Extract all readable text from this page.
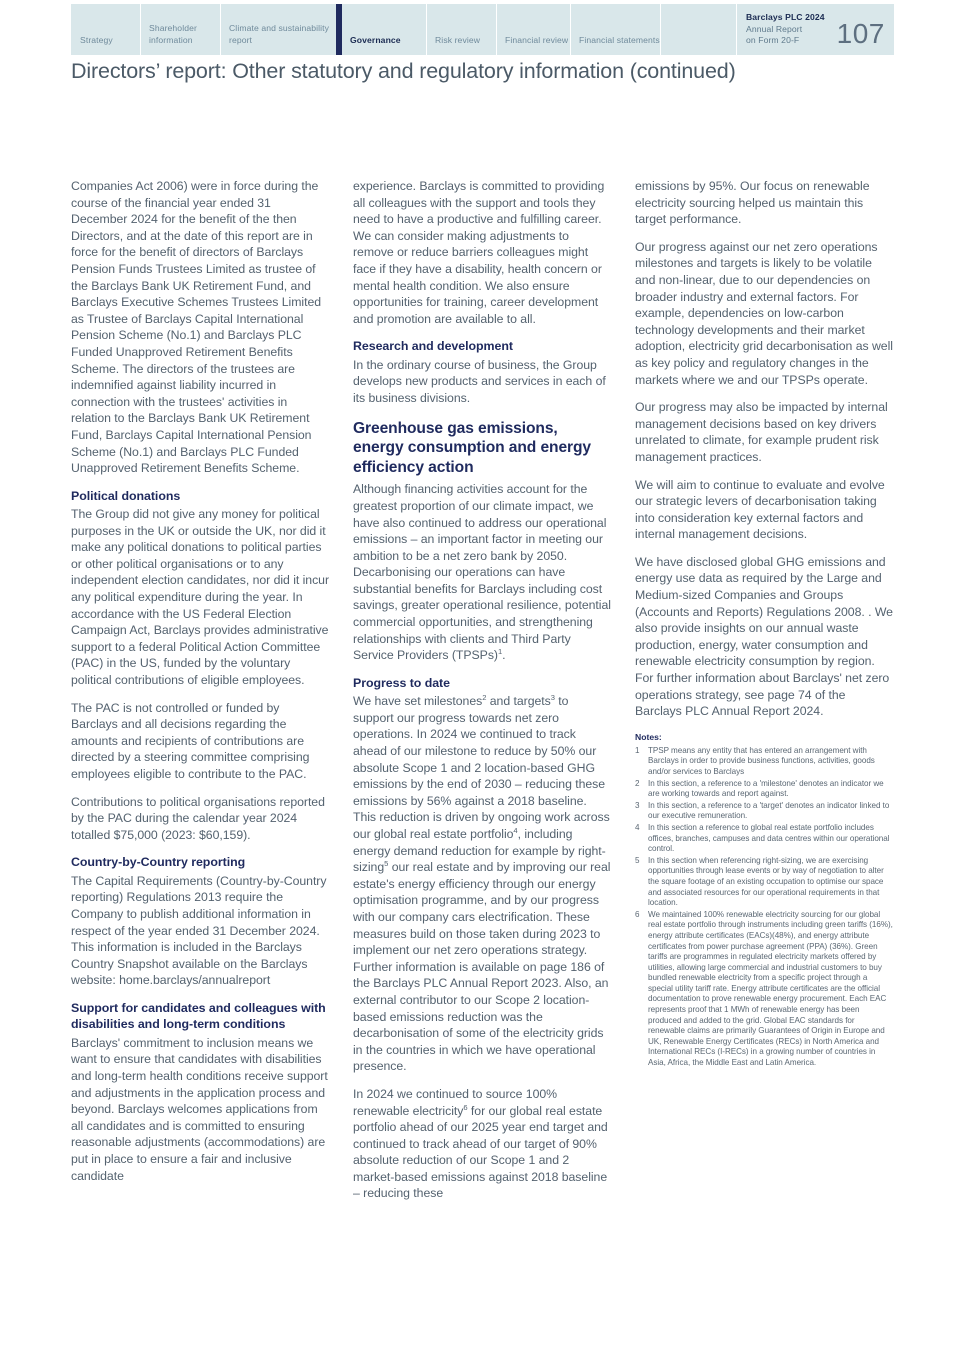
Strategy
Shareholder information
Climate and sustainability report	Governance	Risk review	Financial review Financial statements
Barclays PLC 2024
Annual Report
on Form 20-F	107
Directors’ report: Other statutory and regulatory information (continued)

Companies Act 2006) were in force during the course of the financial year ended 31 December 2024 for the benefit of the then Directors, and at the date of this report are in force for the benefit of directors of Barclays Pension Funds Trustees Limited as trustee of the Barclays Bank UK Retirement Fund, and Barclays Executive Schemes Trustees Limited as Trustee of Barclays Capital International Pension Scheme (No.1) and Barclays PLC Funded Unapproved Retirement Benefits Scheme. The directors of the trustees are indemnified against liability incurred in connection with the trustees' activities in relation to the Barclays Bank UK Retirement Fund, Barclays Capital International Pension Scheme (No.1) and Barclays PLC Funded Unapproved Retirement Benefits Scheme.

Political donations

The Group did not give any money for political purposes in the UK or outside the UK, nor did it make any political donations to political parties or other political organisations or to any independent election candidates, nor did it incur any political expenditure during the year. In accordance with the US Federal Election Campaign Act, Barclays provides administrative support to a federal Political Action Committee (PAC) in the US, funded by the voluntary political contributions of eligible employees.

The PAC is not controlled or funded by Barclays and all decisions regarding the amounts and recipients of contributions are directed by a steering committee comprising employees eligible to contribute to the PAC.

Contributions to political organisations reported by the PAC during the calendar year 2024 totalled $75,000 (2023: $60,159).

Country-by-Country reporting

The Capital Requirements (Country-by-Country reporting) Regulations 2013 require the Company to publish additional information in respect of the year ended 31 December 2024. This information is included in the Barclays Country Snapshot available on the Barclays website: home.barclays/annualreport

Support for candidates and colleagues with disabilities and long-term conditions

Barclays' commitment to inclusion means we want to ensure that candidates with disabilities and long-term health conditions receive support and adjustments in the application process and beyond. Barclays welcomes applications from all candidates and is committed to ensuring reasonable adjustments (accommodations) are put in place to ensure a fair and inclusive candidate

experience. Barclays is committed to providing all colleagues with the support and tools they need to have a productive and fulfilling career. We can consider making adjustments to remove or reduce barriers colleagues might face if they have a disability, health concern or mental health condition. We also ensure opportunities for training, career development and promotion are available to all.

Research and development

In the ordinary course of business, the Group develops new products and services in each of its business divisions.

Greenhouse gas emissions, energy consumption and energy efficiency action

Although financing activities account for the greatest proportion of our climate impact, we have also continued to address our operational emissions – an important factor in meeting our ambition to be a net zero bank by 2050. Decarbonising our operations can have substantial benefits for Barclays including cost savings, greater operational resilience, potential commercial opportunities, and strengthening relationships with clients and Third Party Service Providers (TPSPs)$^1$.

Progress to date

We have set milestones$^2$ and targets$^3$ to support our progress towards net zero operations. In 2024 we continued to track ahead of our milestone to reduce by 50% our absolute Scope 1 and 2 location-based GHG emissions by the end of 2030 – reducing these emissions by 56% against a 2018 baseline. This reduction is driven by ongoing work across our global real estate portfolio$^4$, including energy demand reduction for example by right-sizing$^5$ our real estate and by improving our real estate's energy efficiency through our energy optimisation programme, and by our progress with our company cars electrification. These measures build on those taken during 2023 to implement our net zero operations strategy. Further information is available on page 186 of the Barclays PLC Annual Report 2023. Also, an external contributor to our Scope 2 location-based emissions reduction was the decarbonisation of some of the electricity grids in the countries in which we have operational presence.

In 2024 we continued to source 100% renewable electricity$^6$ for our global real estate portfolio ahead of our 2025 year end target and continued to track ahead of our target of 90% absolute reduction of our Scope 1 and 2 market-based emissions against 2018 baseline – reducing these

emissions by 95%. Our focus on renewable electricity sourcing helped us maintain this target performance.

Our progress against our net zero operations milestones and targets is likely to be volatile and non-linear, due to our dependencies on broader industry and external factors. For example, dependencies on low-carbon technology developments and their market adoption, electricity grid decarbonisation as well as key policy and regulatory changes in the markets where we and our TPSPs operate.

Our progress may also be impacted by internal management decisions based on key drivers unrelated to climate, for example prudent risk management practices.

We will aim to continue to evaluate and evolve our strategic levers of decarbonisation taking into consideration key external factors and internal management decisions.

We have disclosed global GHG emissions and energy use data as required by the Large and Medium-sized Companies and Groups (Accounts and Reports) Regulations 2008. . We also provide insights on our annual waste production, energy, water consumption and renewable electricity consumption by region. For further information about Barclays' net zero operations strategy, see page 74 of the Barclays PLC Annual Report 2024.

Notes:
1	TPSP means any entity that has entered an arrangement with Barclays in order to provide business functions, activities, goods and/or services to Barclays
2	In this section, a reference to a 'milestone' denotes an indicator we are working towards and report against.
3	In this section, a reference to a 'target' denotes an indicator linked to our executive remuneration.
4	In this section a reference to global real estate portfolio includes offices, branches, campuses and data centres within our operational control.
5	In this section when referencing right-sizing, we are exercising opportunities through lease events or by way of negotiation to alter the square footage of an existing occupation to optimise our space and associated resources for our operational requirements in that location.
6	We maintained 100% renewable electricity sourcing for our global real estate portfolio through instruments including green tariffs (16%), energy attribute certificates (EACs)(48%), and energy attribute certificates from power purchase agreement (PPA) (36%). Green tariffs are programmes in regulated electricity markets offered by utilities, allowing large commercial and industrial customers to buy bundled renewable electricity from a specific project through a special utility tariff rate. Energy attribute certificates are the official documentation to prove renewable energy procurement. Each EAC represents proof that 1 MWh of renewable energy has been produced and added to the grid. Global EAC standards for renewable claims are primarily Guarantees of Origin in Europe and UK, Renewable Energy Certificates (RECs) in North America and International RECs (I-RECs) in a growing number of countries in Asia, Africa, the Middle East and Latin America.
